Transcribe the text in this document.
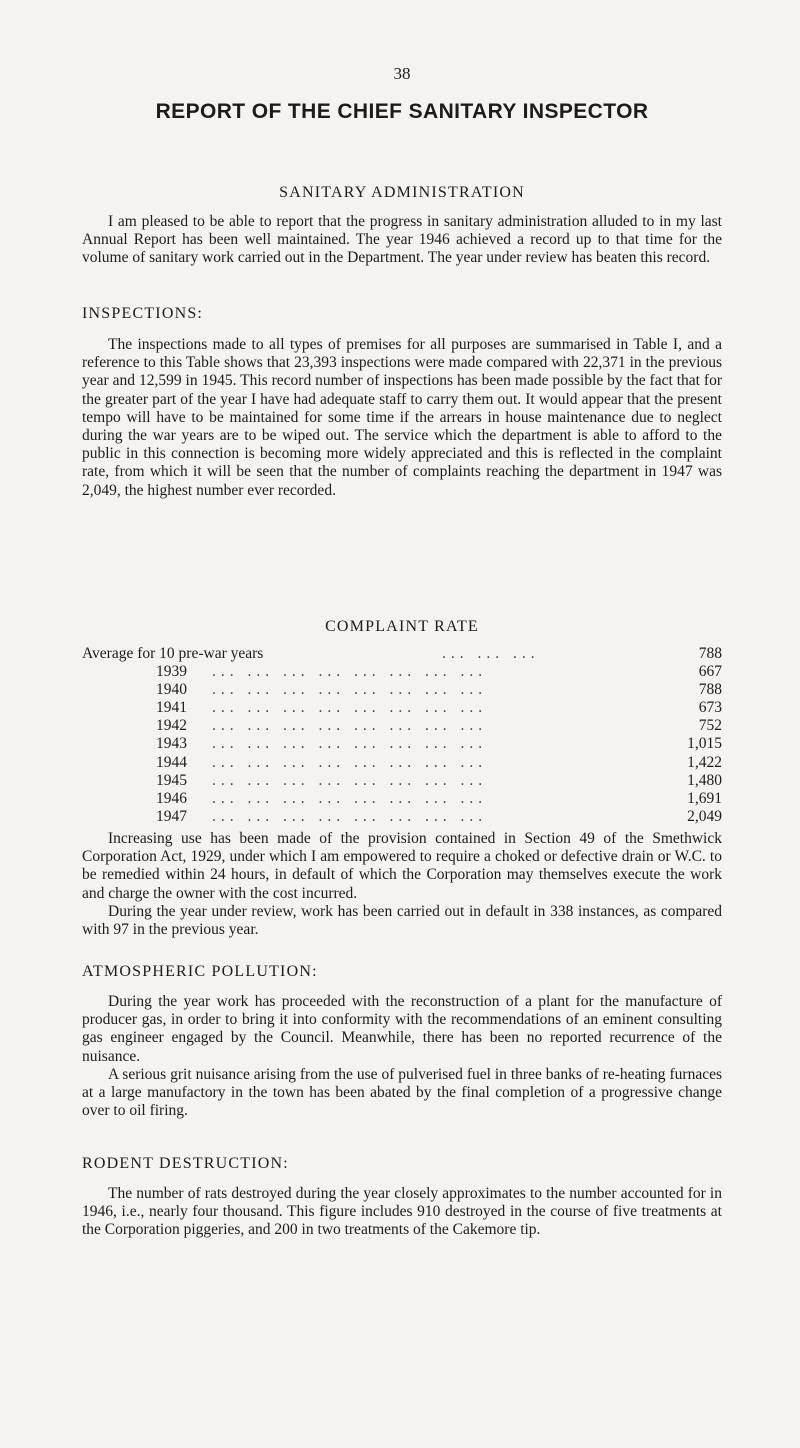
38
REPORT OF THE CHIEF SANITARY INSPECTOR
SANITARY ADMINISTRATION

I am pleased to be able to report that the progress in sanitary administration alluded to in my last Annual Report has been well maintained. The year 1946 achieved a record up to that time for the volume of sanitary work carried out in the Department. The year under review has beaten this record.

INSPECTIONS:

The inspections made to all types of premises for all purposes are summarised in Table I, and a reference to this Table shows that 23,393 inspections were made compared with 22,371 in the previous year and 12,599 in 1945. This record number of inspections has been made possible by the fact that for the greater part of the year I have had adequate staff to carry them out. It would appear that the present tempo will have to be maintained for some time if the arrears in house maintenance due to neglect during the war years are to be wiped out. The service which the department is able to afford to the public in this connection is becoming more widely appreciated and this is reflected in the complaint rate, from which it will be seen that the number of complaints reaching the department in 1947 was 2,049, the highest number ever recorded.

COMPLAINT RATE
Average for 10 pre-war years	... ... ...	788
1939 ... ... ... ... ... ... ... ...	667
1940 ... ... ... ... ... ... ... ...	788
1941 ... ... ... ... ... ... ... ...	673
1942 ... ... ... ... ... ... ... ...	752
1943 ... ... ... ... ... ... ... ...	1,015
1944 ... ... ... ... ... ... ... ...	1,422
1945 ... ... ... ... ... ... ... ...	1,480
1946 ... ... ... ... ... ... ... ...	1,691
1947 ... ... ... ... ... ... ... ...	2,049

Increasing use has been made of the provision contained in Section 49 of the Smethwick Corporation Act, 1929, under which I am empowered to require a choked or defective drain or W.C. to be remedied within 24 hours, in default of which the Corporation may themselves execute the work and charge the owner with the cost incurred.

During the year under review, work has been carried out in default in 338 instances, as compared with 97 in the previous year.

ATMOSPHERIC POLLUTION:

During the year work has proceeded with the reconstruction of a plant for the manufacture of producer gas, in order to bring it into conformity with the recommendations of an eminent consulting gas engineer engaged by the Council. Meanwhile, there has been no reported recurrence of the nuisance.

A serious grit nuisance arising from the use of pulverised fuel in three banks of re-heating furnaces at a large manufactory in the town has been abated by the final completion of a progressive change over to oil firing.

RODENT DESTRUCTION:

The number of rats destroyed during the year closely approximates to the number accounted for in 1946, i.e., nearly four thousand. This figure includes 910 destroyed in the course of five treatments at the Corporation piggeries, and 200 in two treatments of the Cakemore tip.
